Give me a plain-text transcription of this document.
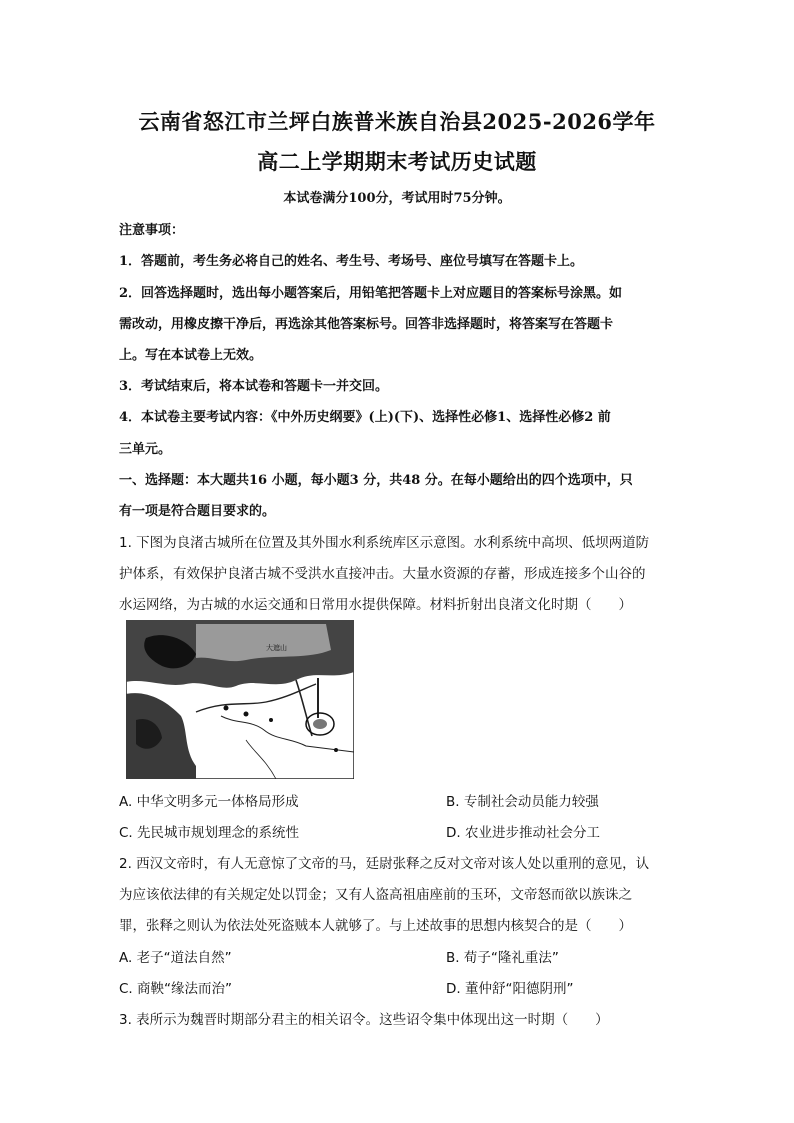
云南省怒江市兰坪白族普米族自治县2025-2026学年
高二上学期期末考试历史试题
本试卷满分100分，考试用时75分钟。
注意事项：
1．答题前，考生务必将自己的姓名、考生号、考场号、座位号填写在答题卡上。
2．回答选择题时，选出每小题答案后，用铅笔把答题卡上对应题目的答案标号涂黑。如
需改动，用橡皮擦干净后，再选涂其他答案标号。回答非选择题时，将答案写在答题卡
上。写在本试卷上无效。
3．考试结束后，将本试卷和答题卡一并交回。
4．本试卷主要考试内容：《中外历史纲要》(上)(下)、选择性必修1、选择性必修2 前
三单元。
一、选择题：本大题共16 小题，每小题3 分，共48 分。在每小题给出的四个选项中，只
有一项是符合题目要求的。
1. 下图为良渚古城所在位置及其外围水利系统库区示意图。水利系统中高坝、低坝两道防
护体系，有效保护良渚古城不受洪水直接冲击。大量水资源的存蓄，形成连接多个山谷的
水运网络，为古城的水运交通和日常用水提供保障。材料折射出良渚文化时期（　　）
大遮山
A. 中华文明多元一体格局形成	B. 专制社会动员能力较强
C. 先民城市规划理念的系统性	D. 农业进步推动社会分工
2. 西汉文帝时，有人无意惊了文帝的马，廷尉张释之反对文帝对该人处以重刑的意见，认
为应该依法律的有关规定处以罚金；又有人盗高祖庙座前的玉环，文帝怒而欲以族诛之
罪，张释之则认为依法处死盗贼本人就够了。与上述故事的思想内核契合的是（　　）
A. 老子“道法自然”	B. 荀子“隆礼重法”
C. 商鞅“缘法而治”	D. 董仲舒“阳德阴刑”
3. 表所示为魏晋时期部分君主的相关诏令。这些诏令集中体现出这一时期（　　）
